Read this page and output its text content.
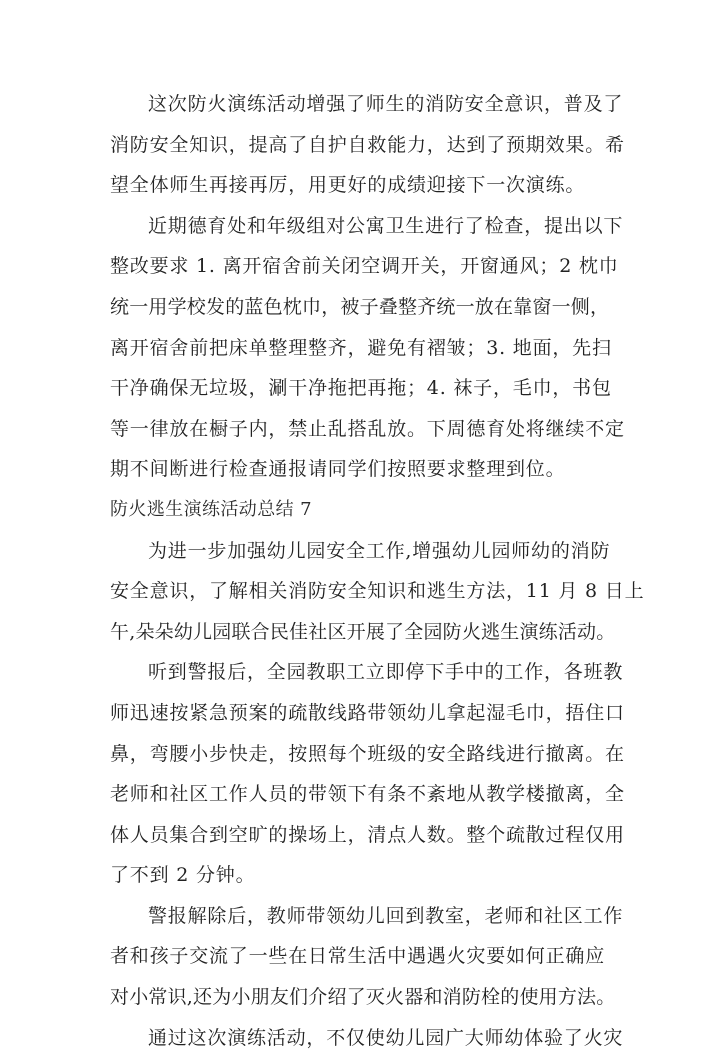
这次防火演练活动增强了师生的消防安全意识，普及了
消防安全知识，提高了自护自救能力，达到了预期效果。希
望全体师生再接再厉，用更好的成绩迎接下一次演练。
近期德育处和年级组对公寓卫生进行了检查，提出以下
整改要求 1. 离开宿舍前关闭空调开关，开窗通风；2 枕巾
统一用学校发的蓝色枕巾，被子叠整齐统一放在靠窗一侧，
离开宿舍前把床单整理整齐，避免有褶皱；3. 地面，先扫
干净确保无垃圾，涮干净拖把再拖；4. 袜子，毛巾，书包
等一律放在橱子内，禁止乱搭乱放。下周德育处将继续不定
期不间断进行检查通报请同学们按照要求整理到位。
防火逃生演练活动总结 7
为进一步加强幼儿园安全工作,增强幼儿园师幼的消防
安全意识，了解相关消防安全知识和逃生方法，11 月 8 日上
午,朵朵幼儿园联合民佳社区开展了全园防火逃生演练活动。
听到警报后，全园教职工立即停下手中的工作，各班教
师迅速按紧急预案的疏散线路带领幼儿拿起湿毛巾，捂住口
鼻，弯腰小步快走，按照每个班级的安全路线进行撤离。在
老师和社区工作人员的带领下有条不紊地从教学楼撤离，全
体人员集合到空旷的操场上，清点人数。整个疏散过程仅用
了不到 2 分钟。
警报解除后，教师带领幼儿回到教室，老师和社区工作
者和孩子交流了一些在日常生活中遇遇火灾要如何正确应
对小常识,还为小朋友们介绍了灭火器和消防栓的使用方法。
通过这次演练活动，不仅使幼儿园广大师幼体验了火灾
